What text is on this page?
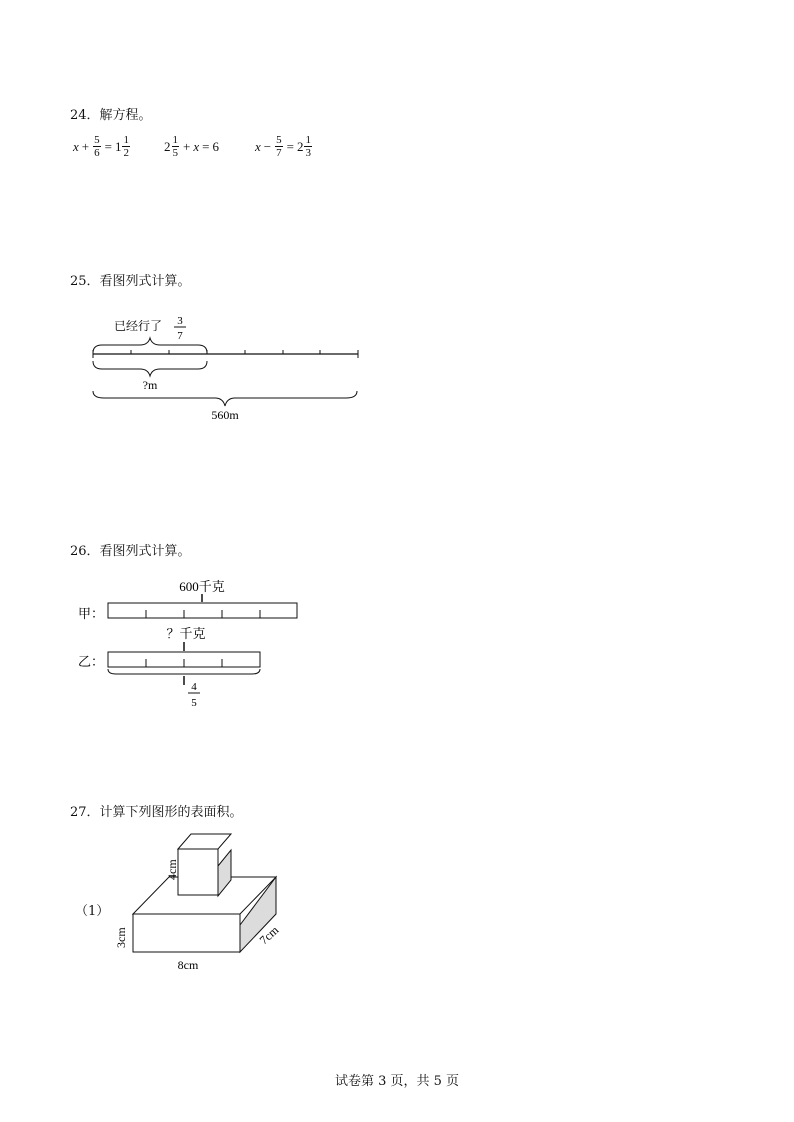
24．解方程。
$x + \frac{5}{6} = 1 \frac{1}{2}$	$2 \frac{1}{5} + x = 6$	$x - \frac{5}{7} = 2 \frac{1}{3}$
25．看图列式计算。
已经行了 3
7
?m
560m
26．看图列式计算。
600千克
甲：
？千克
乙：
4
5
27．计算下列图形的表面积。
（1）
4cm
3cm
8cm
7cm
试卷第 3 页，共 5 页
